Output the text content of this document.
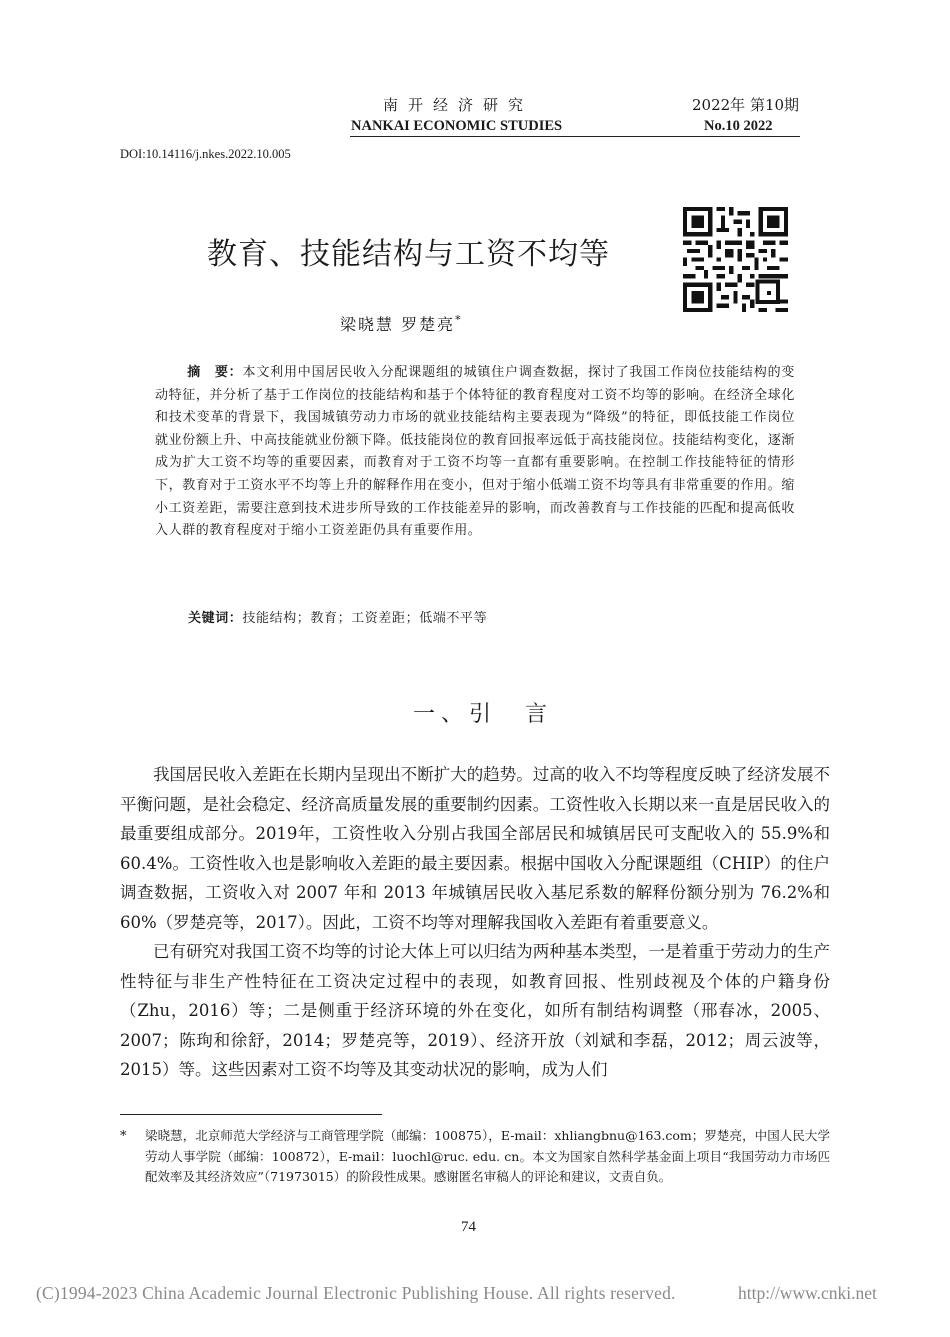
南开经济研究
NANKAI ECONOMIC STUDIES
2022年 第10期
No.10 2022
DOI:10.14116/j.nkes.2022.10.005
教育、技能结构与工资不均等
梁晓慧 罗楚亮*
摘　要：本文利用中国居民收入分配课题组的城镇住户调查数据，探讨了我国工作岗位技能结构的变动特征，并分析了基于工作岗位的技能结构和基于个体特征的教育程度对工资不均等的影响。在经济全球化和技术变革的背景下，我国城镇劳动力市场的就业技能结构主要表现为“降级”的特征，即低技能工作岗位就业份额上升、中高技能就业份额下降。低技能岗位的教育回报率远低于高技能岗位。技能结构变化，逐渐成为扩大工资不均等的重要因素，而教育对于工资不均等一直都有重要影响。在控制工作技能特征的情形下，教育对于工资水平不均等上升的解释作用在变小，但对于缩小低端工资不均等具有非常重要的作用。缩小工资差距，需要注意到技术进步所导致的工作技能差异的影响，而改善教育与工作技能的匹配和提高低收入人群的教育程度对于缩小工资差距仍具有重要作用。
关键词：技能结构；教育；工资差距；低端不平等
一、引　言

我国居民收入差距在长期内呈现出不断扩大的趋势。过高的收入不均等程度反映了经济发展不平衡问题，是社会稳定、经济高质量发展的重要制约因素。工资性收入长期以来一直是居民收入的最重要组成部分。2019年，工资性收入分别占我国全部居民和城镇居民可支配收入的 55.9%和 60.4%。工资性收入也是影响收入差距的最主要因素。根据中国收入分配课题组（CHIP）的住户调查数据，工资收入对 2007 年和 2013 年城镇居民收入基尼系数的解释份额分别为 76.2%和 60%（罗楚亮等，2017）。因此，工资不均等对理解我国收入差距有着重要意义。

已有研究对我国工资不均等的讨论大体上可以归结为两种基本类型，一是着重于劳动力的生产性特征与非生产性特征在工资决定过程中的表现，如教育回报、性别歧视及个体的户籍身份（Zhu，2016）等；二是侧重于经济环境的外在变化，如所有制结构调整（邢春冰，2005、2007；陈珣和徐舒，2014；罗楚亮等，2019）、经济开放（刘斌和李磊，2012；周云波等，2015）等。这些因素对工资不均等及其变动状况的影响，成为人们

* 梁晓慧，北京师范大学经济与工商管理学院（邮编：100875），E-mail：xhliangbnu@163.com；罗楚亮，中国人民大学劳动人事学院（邮编：100872），E-mail：luochl@ruc. edu. cn。本文为国家自然科学基金面上项目“我国劳动力市场匹配效率及其经济效应”（71973015）的阶段性成果。感谢匿名审稿人的评论和建议，文责自负。
74
(C)1994-2023 China Academic Journal Electronic Publishing House. All rights reserved.	http://www.cnki.net
